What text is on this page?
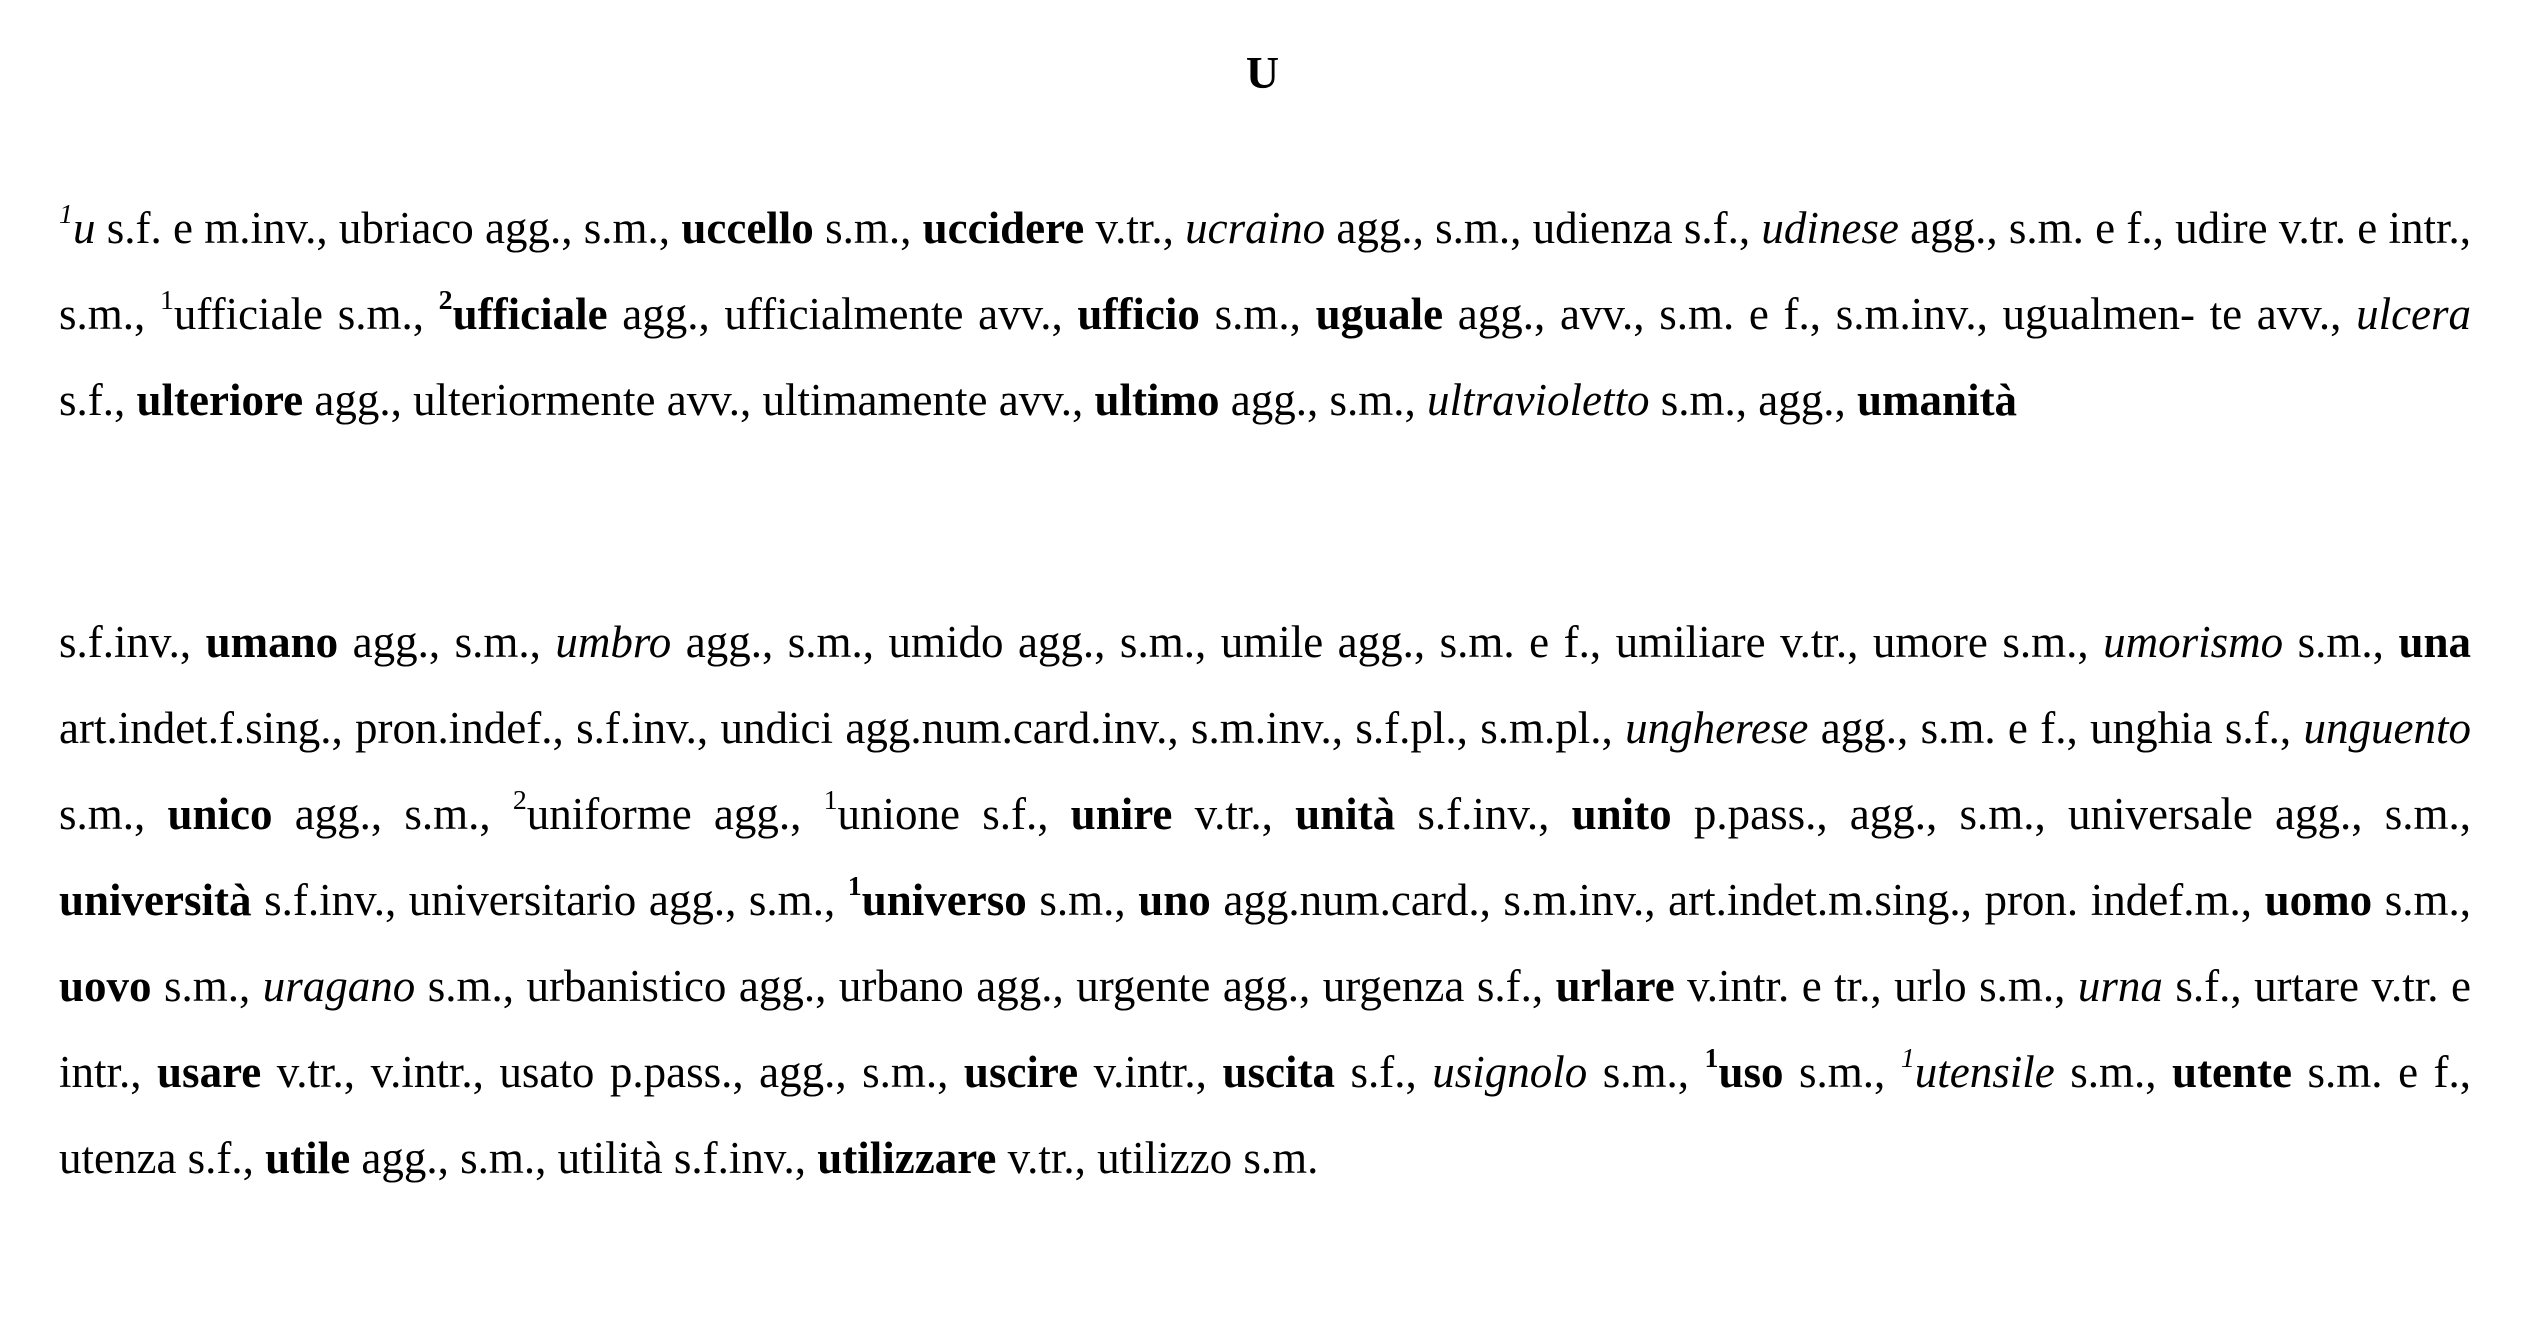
U
$^1$u s.f. e m.inv., ubriaco agg., s.m., uccello s.m., uccidere v.tr., ucraino agg., s.m., udienza s.f., udinese agg., s.m. e f., udire v.tr. e intr., s.m., $^1$ufficiale s.m., $^2$ufficiale agg., ufficialmente avv., ufficio s.m., uguale agg., avv., s.m. e f., s.m.inv., ugualmen- te avv., ulcera s.f., ulteriore agg., ulteriormente avv., ultimamente avv., ultimo agg., s.m., ultravioletto s.m., agg., umanità
s.f.inv., umano agg., s.m., umbro agg., s.m., umido agg., s.m., umile agg., s.m. e f., umiliare v.tr., umore s.m., umorismo s.m., una art.indet.f.sing., pron.indef., s.f.inv., undici agg.num.card.inv., s.m.inv., s.f.pl., s.m.pl., ungherese agg., s.m. e f., unghia s.f., unguento s.m., unico agg., s.m., $^2$uniforme agg., $^1$unione s.f., unire v.tr., unità s.f.inv., unito p.pass., agg., s.m., universale agg., s.m., università s.f.inv., universitario agg., s.m., $^1$universo s.m., uno agg.num.card., s.m.inv., art.indet.m.sing., pron. indef.m., uomo s.m., uovo s.m., uragano s.m., urbanistico agg., urbano agg., urgente agg., urgenza s.f., urlare v.intr. e tr., urlo s.m., urna s.f., urtare v.tr. e intr., usare v.tr., v.intr., usato p.pass., agg., s.m., uscire v.intr., uscita s.f., usignolo s.m., $^1$uso s.m., $^1$utensile s.m., utente s.m. e f., utenza s.f., utile agg., s.m., utilità s.f.inv., utilizzare v.tr., utilizzo s.m.
